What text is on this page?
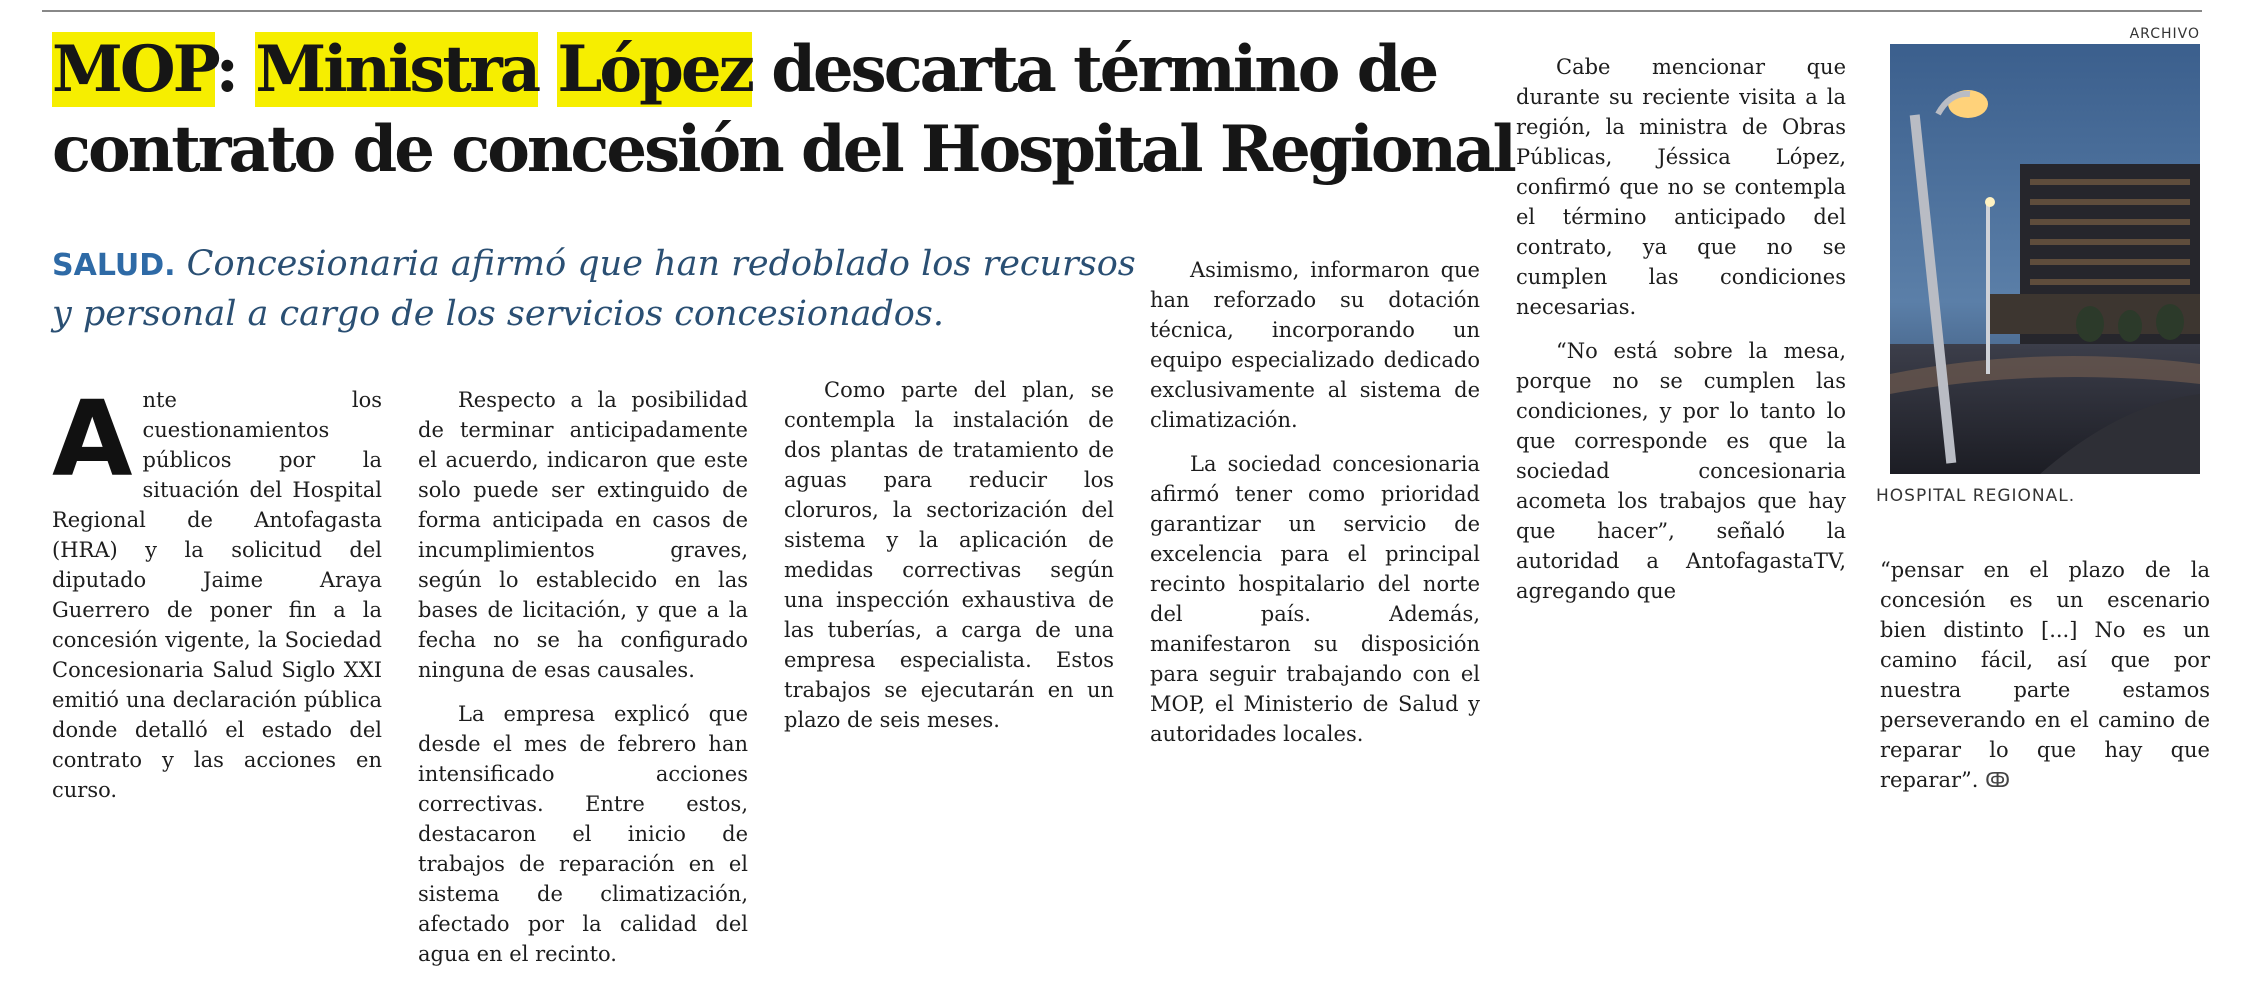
MOP: Ministra López descarta término de
contrato de concesión del Hospital Regional
SALUD. Concesionaria afirmó que han redoblado los recursos y personal a cargo de los servicios concesionados.

Ante los cuestionamientos públicos por la situación del Hospital Regional de Antofagasta (HRA) y la solicitud del diputado Jaime Araya Guerrero de poner fin a la concesión vigente, la Sociedad Concesionaria Salud Siglo XXI emitió una declaración pública donde detalló el estado del contrato y las acciones en curso.

Respecto a la posibilidad de terminar anticipadamente el acuerdo, indicaron que este solo puede ser extinguido de forma anticipada en casos de incumplimientos graves, según lo establecido en las bases de licitación, y que a la fecha no se ha configurado ninguna de esas causales.

La empresa explicó que desde el mes de febrero han intensificado acciones correctivas. Entre estos, destacaron el inicio de trabajos de reparación en el sistema de climatización, afectado por la calidad del agua en el recinto.

Como parte del plan, se contempla la instalación de dos plantas de tratamiento de aguas para reducir los cloruros, la sectorización del sistema y la aplicación de medidas correctivas según una inspección exhaustiva de las tuberías, a carga de una empresa especialista. Estos trabajos se ejecutarán en un plazo de seis meses.

Asimismo, informaron que han reforzado su dotación técnica, incorporando un equipo especializado dedicado exclusivamente al sistema de climatización.

La sociedad concesionaria afirmó tener como prioridad garantizar un servicio de excelencia para el principal recinto hospitalario del norte del país. Además, manifestaron su disposición para seguir trabajando con el MOP, el Ministerio de Salud y autoridades locales.

Cabe mencionar que durante su reciente visita a la región, la ministra de Obras Públicas, Jéssica López, confirmó que no se contempla el término anticipado del contrato, ya que no se cumplen las condiciones necesarias.

“No está sobre la mesa, porque no se cumplen las condiciones, y por lo tanto lo que corresponde es que la sociedad concesionaria acometa los trabajos que hay que hacer”, señaló la autoridad a AntofagastaTV, agregando que

“pensar en el plazo de la concesión es un escenario bien distinto [...] No es un camino fácil, así que por nuestra parte estamos perseverando en el camino de reparar lo que hay que reparar”. ↂ

ARCHIVO
HOSPITAL REGIONAL.
